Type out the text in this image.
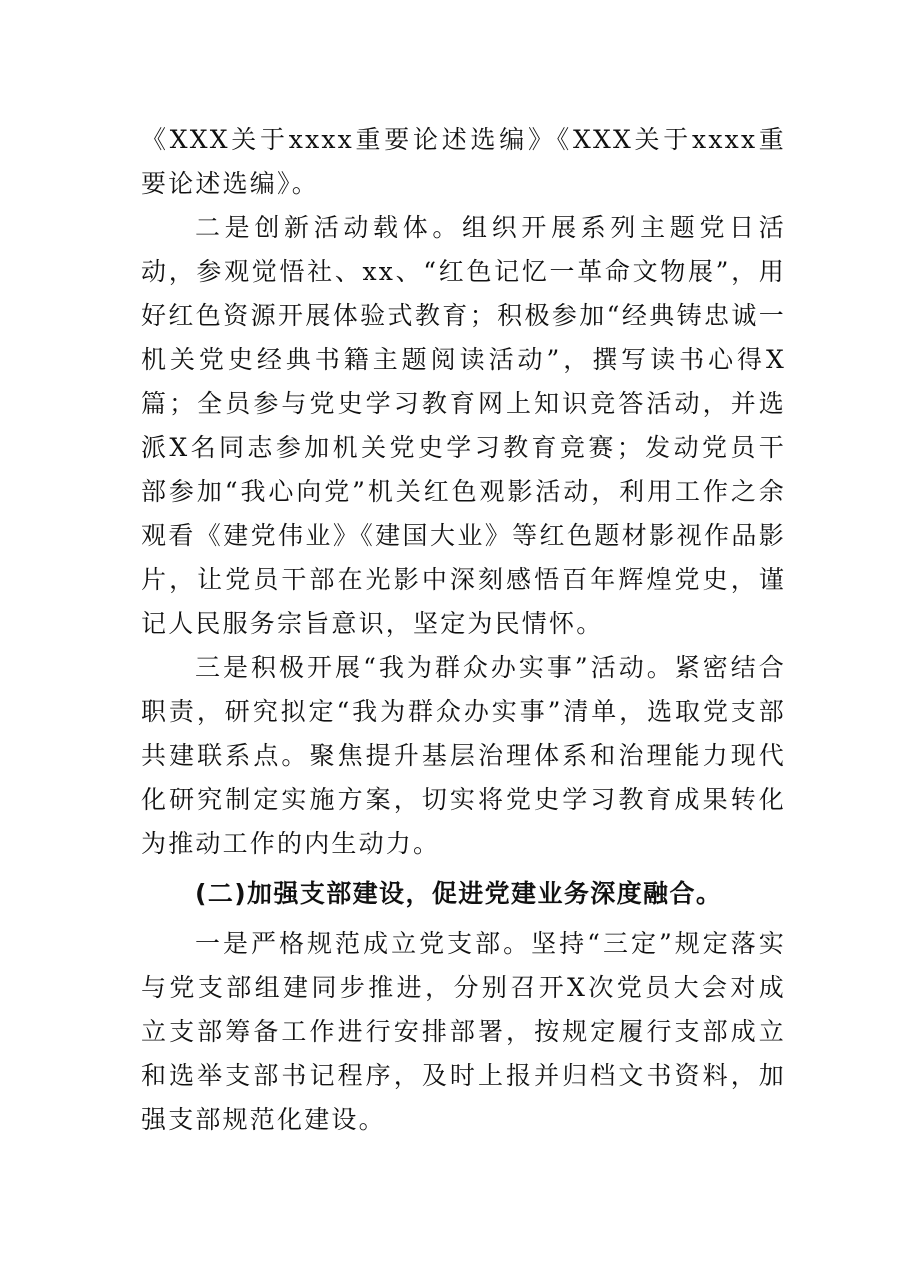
《XXX关于xxxx重要论述选编》《XXX关于xxxx重要论述选编》。

二是创新活动载体。组织开展系列主题党日活动，参观觉悟社、xx、“红色记忆一革命文物展”，用好红色资源开展体验式教育；积极参加“经典铸忠诚一机关党史经典书籍主题阅读活动”，撰写读书心得X篇；全员参与党史学习教育网上知识竞答活动，并选派X名同志参加机关党史学习教育竞赛；发动党员干部参加“我心向党”机关红色观影活动，利用工作之余观看《建党伟业》《建国大业》等红色题材影视作品影片，让党员干部在光影中深刻感悟百年辉煌党史，谨记人民服务宗旨意识，坚定为民情怀。

三是积极开展“我为群众办实事”活动。紧密结合职责，研究拟定“我为群众办实事”清单，选取党支部共建联系点。聚焦提升基层治理体系和治理能力现代化研究制定实施方案，切实将党史学习教育成果转化为推动工作的内生动力。

(二)加强支部建设，促进党建业务深度融合。

一是严格规范成立党支部。坚持“三定”规定落实与党支部组建同步推进，分别召开X次党员大会对成立支部筹备工作进行安排部署，按规定履行支部成立和选举支部书记程序，及时上报并归档文书资料，加强支部规范化建设。
